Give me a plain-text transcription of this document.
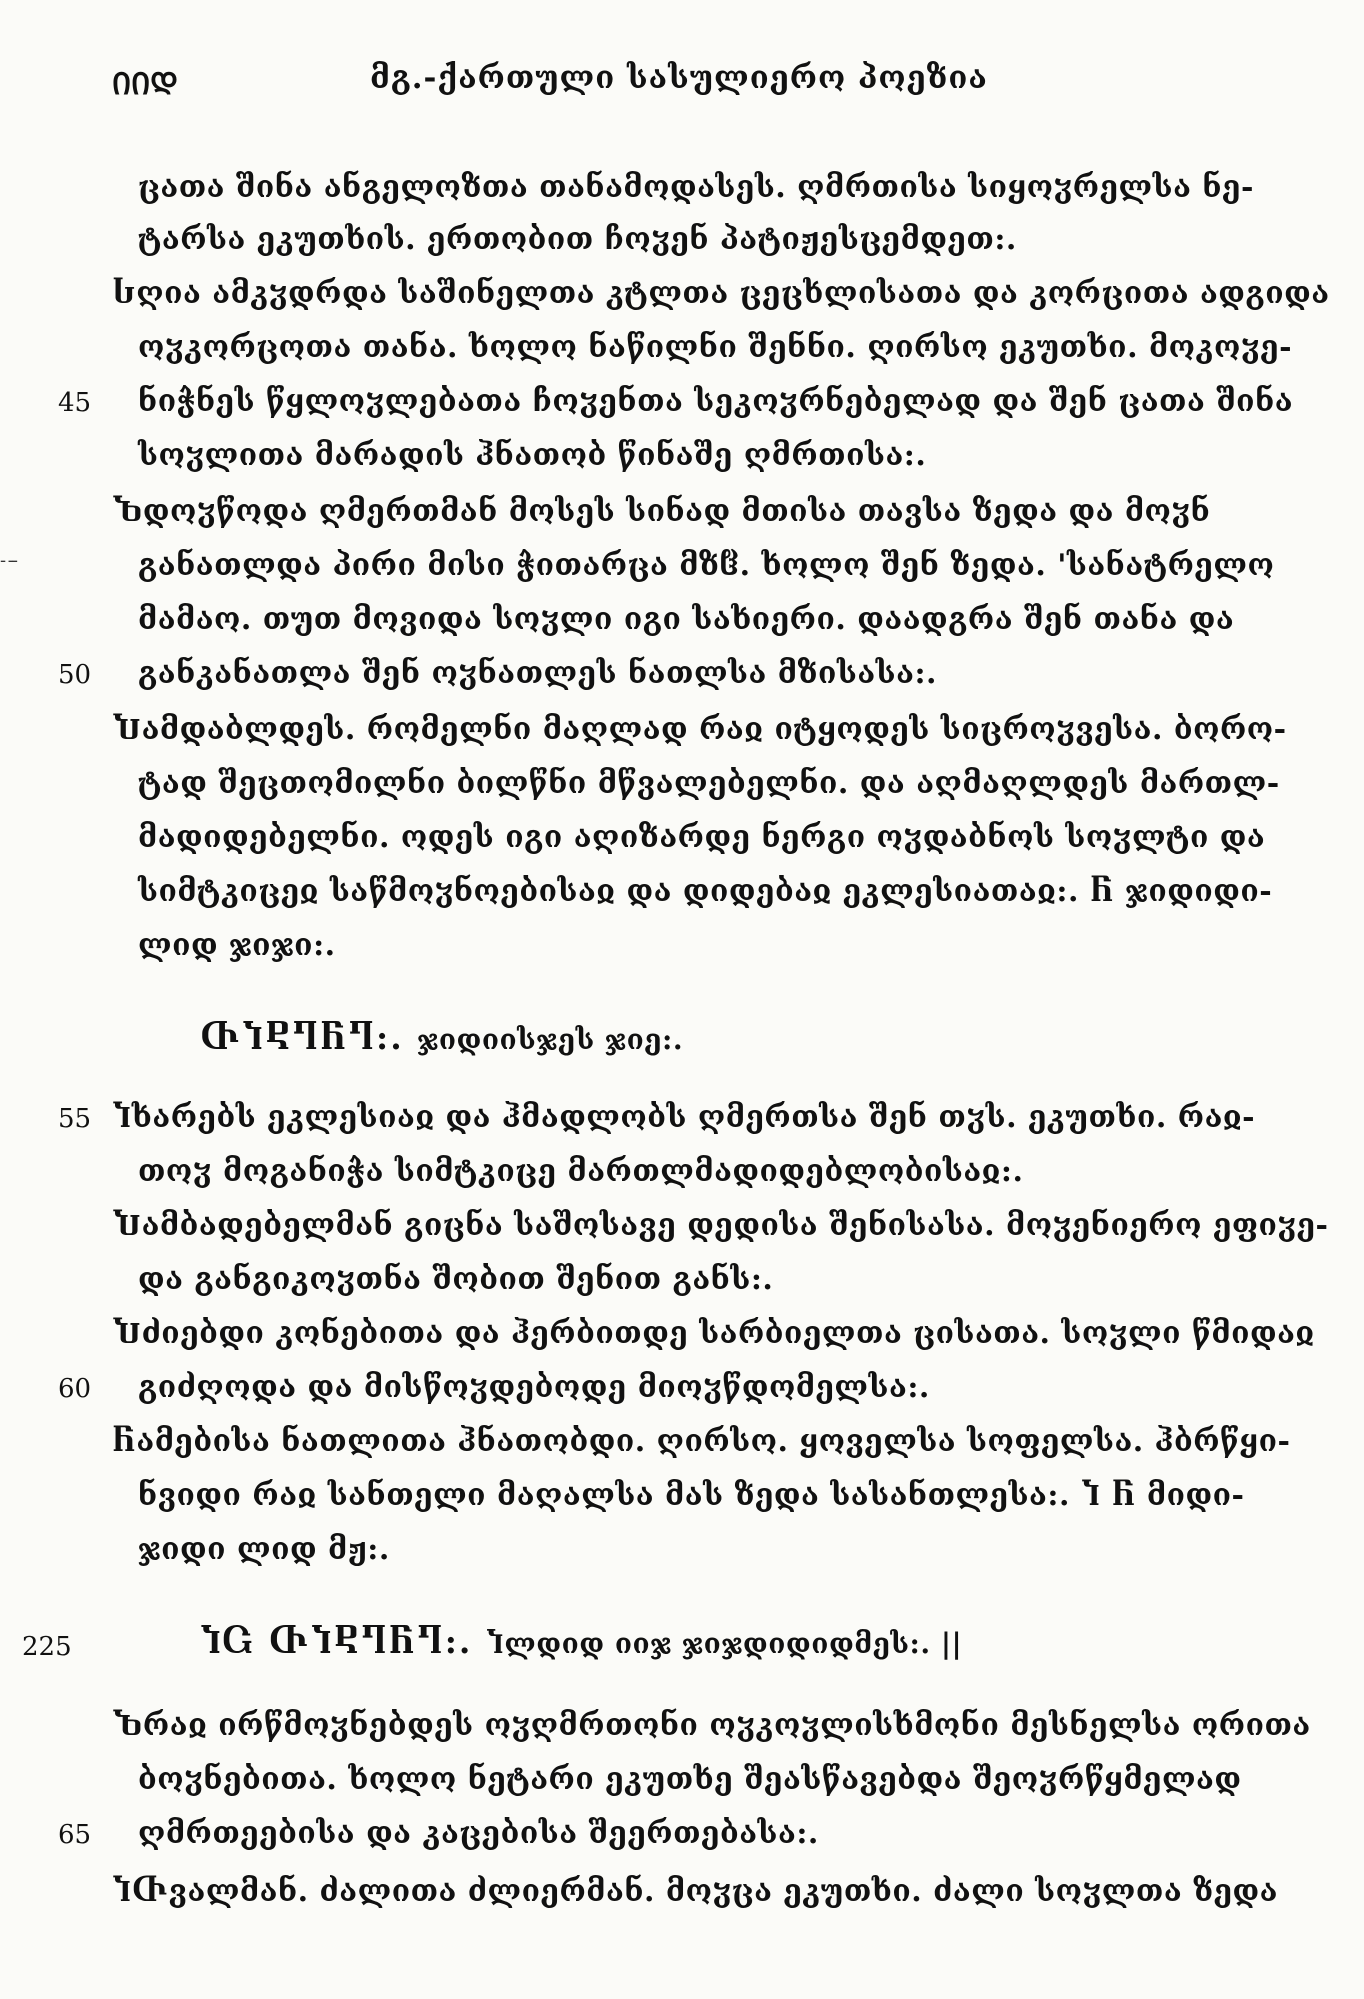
ᲘᲘᲓ	მგ.-ქართული სასულიერო პოეზია
- --
ცათა შინა ანგელოზთა თანამოდასეს. ღმრთისა სიყოჳრელსა ნე-
ტარსა ეკუთხის. ერთობით ჩოჳენ პატიჟესცემდეთ:.
Ⴑღია ამკჳდრდა საშინელთა კტლთა ცეცხლისათა და კორცითა ადგიდა
ოჳკორცოთა თანა. ხოლო ნაწილნი შენნი. ღირსო ეკუთხი. მოკოჳე-
ნიჭნეს წყლოჳლებათა ჩოჳენთა სეკოჳრნებელად და შენ ცათა შინა
45
სოჳლითა მარადის ჰნათობ წინაშე ღმრთისა:.
Ⴆდოჳწოდა ღმერთმან მოსეს სინად მთისა თავსა ზედა და მოჳნ
განათლდა პირი მისი ჭითარცა მზჱ. ხოლო შენ ზედა. 'სანატრელო
მამაო. თუთ მოვიდა სოჳლი იგი სახიერი. დაადგრა შენ თანა და
განკანათლა შენ ოჳნათლეს ნათლსა მზისასა:.
50
Ⴎამდაბლდეს. რომელნი მაღლად რაჲ იტყოდეს სიცროჳვესა. ბორო-
ტად შეცთომილნი ბილწნი მწვალებელნი. და აღმაღლდეს მართლ-
მადიდებელნი. ოდეს იგი აღიზარდე ნერგი ოჳდაბნოს სოჳლტი და
სიმტკიცეჲ საწმოჳნოებისაჲ და დიდებაჲ ეკლესიათაჲ:. Ⴌ ჯიდიდი-
ლიდ ჯიჯი:.
ႧႨႲႤႬႤ:. ჯიდიისჯეს ჯიე:.
Ⴈხარებს ეკლესიაჲ და ჰმადლობს ღმერთსა შენ თჳს. ეკუთხი. რაჲ-
55
თოჳ მოგანიჭა სიმტკიცე მართლმადიდებლობისაჲ:.
Ⴎამბადებელმან გიცნა საშოსავე დედისა შენისასა. მოჳენიერო ეფიჳე-
და განგიკოჳთნა შობით შენით განს:.
Ⴎძიებდი კონებითა და ჰერბითდე სარბიელთა ცისათა. სოჳლი წმიდაჲ
გიძღოდა და მისწოჳდებოდე მიოჳწდომელსა:.
60
Ⴌამებისა ნათლითა ჰნათობდი. ღირსო. ყოველსა სოფელსა. ჰბრწყი-
ნვიდი რაჲ სანთელი მაღალსა მას ზედა სასანთლესა:. Ⴈ Ⴌ მიდი-
ჯიდი ლიდ მჟ:.
225	ႨႺ ႧႨႲႤႬႤ:. Ⴈლდიდ იიჯ ჯიჯდიდიდმეს:. ||
Ⴆრაჲ ირწმოჳნებდეს ოჳღმრთონი ოჳკოჳლისხმონი მესნელსა ორითა
ბოჳნებითა. ხოლო ნეტარი ეკუთხე შეასწავებდა შეოჳრწყმელად
ღმრთეებისა და კაცებისა შეერთებასა:.
65
ႨႧვალმან. ძალითა ძლიერმან. მოჳცა ეკუთხი. ძალი სოჳლთა ზედა
